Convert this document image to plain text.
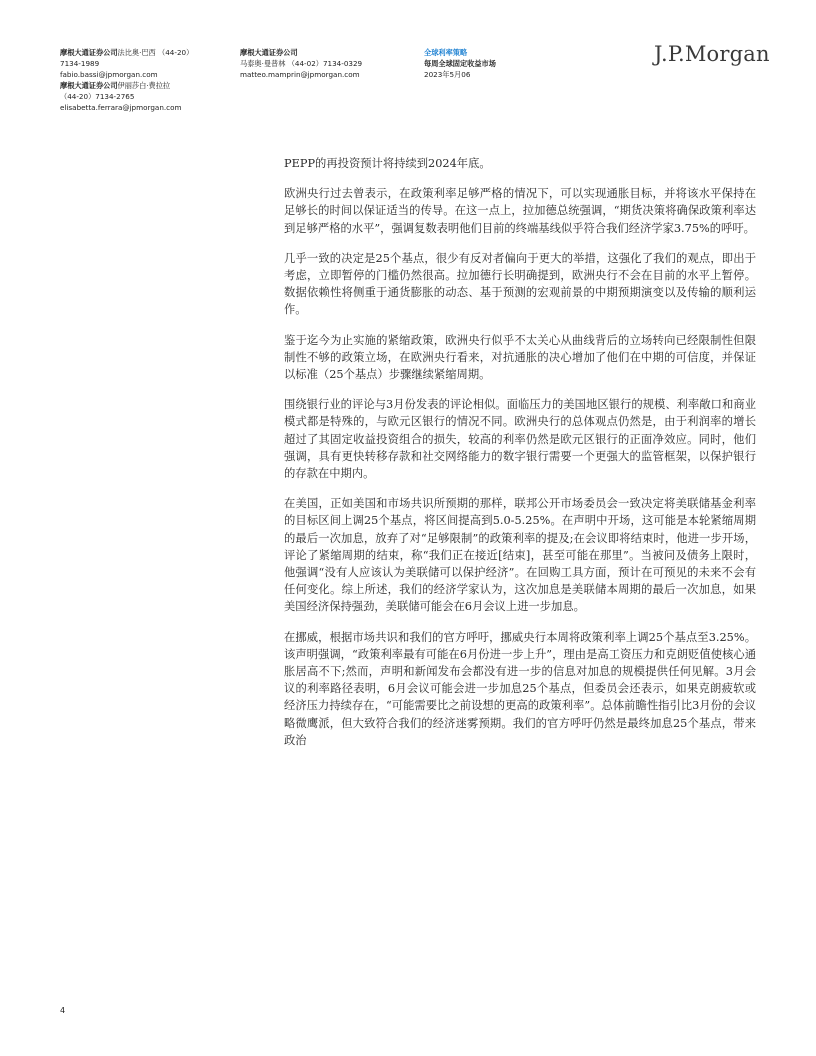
摩根大通证券公司法比奥·巴西 （44-20）7134-1989
fabio.bassi@jpmorgan.com
摩根大通证券公司伊丽莎白·费拉拉 （44-20）7134-2765
elisabetta.ferrara@jpmorgan.com
摩根大通证券公司
马泰奥·曼普林 （44-02）7134-0329
matteo.mamprin@jpmorgan.com
全球利率策略
每周全球固定收益市场
2023年5月06
J.P.Morgan

PEPP的再投资预计将持续到2024年底。

欧洲央行过去曾表示，在政策利率足够严格的情况下，可以实现通胀目标，并将该水平保持在足够长的时间以保证适当的传导。在这一点上，拉加德总统强调，“期货决策将确保政策利率达到足够严格的水平”，强调复数表明他们目前的终端基线似乎符合我们经济学家3.75%的呼吁。

几乎一致的决定是25个基点，很少有反对者偏向于更大的举措，这强化了我们的观点，即出于考虑，立即暂停的门槛仍然很高。拉加德行长明确提到，欧洲央行不会在目前的水平上暂停。数据依赖性将侧重于通货膨胀的动态、基于预测的宏观前景的中期预期演变以及传输的顺利运作。

鉴于迄今为止实施的紧缩政策，欧洲央行似乎不太关心从曲线背后的立场转向已经限制性但限制性不够的政策立场，在欧洲央行看来，对抗通胀的决心增加了他们在中期的可信度，并保证以标准（25个基点）步骤继续紧缩周期。

围绕银行业的评论与3月份发表的评论相似。面临压力的美国地区银行的规模、利率敞口和商业模式都是特殊的，与欧元区银行的情况不同。欧洲央行的总体观点仍然是，由于利润率的增长超过了其固定收益投资组合的损失，较高的利率仍然是欧元区银行的正面净效应。同时，他们强调，具有更快转移存款和社交网络能力的数字银行需要一个更强大的监管框架，以保护银行的存款在中期内。

在美国，正如美国和市场共识所预期的那样，联邦公开市场委员会一致决定将美联储基金利率的目标区间上调25个基点，将区间提高到5.0-5.25%。在声明中开场，这可能是本轮紧缩周期的最后一次加息，放弃了对“足够限制”的政策利率的提及;在会议即将结束时，他进一步开场，评论了紧缩周期的结束，称“我们正在接近[结束]，甚至可能在那里”。当被问及债务上限时，他强调“没有人应该认为美联储可以保护经济”。在回购工具方面，预计在可预见的未来不会有任何变化。综上所述，我们的经济学家认为，这次加息是美联储本周期的最后一次加息，如果美国经济保持强劲，美联储可能会在6月会议上进一步加息。

在挪威，根据市场共识和我们的官方呼吁，挪威央行本周将政策利率上调25个基点至3.25%。该声明强调，“政策利率最有可能在6月份进一步上升”，理由是高工资压力和克朗贬值使核心通胀居高不下;然而，声明和新闻发布会都没有进一步的信息对加息的规模提供任何见解。3月会议的利率路径表明，6月会议可能会进一步加息25个基点，但委员会还表示，如果克朗疲软或经济压力持续存在，“可能需要比之前设想的更高的政策利率”。总体前瞻性指引比3月份的会议略微鹰派，但大致符合我们的经济迷雾预期。我们的官方呼吁仍然是最终加息25个基点，带来政治

4
